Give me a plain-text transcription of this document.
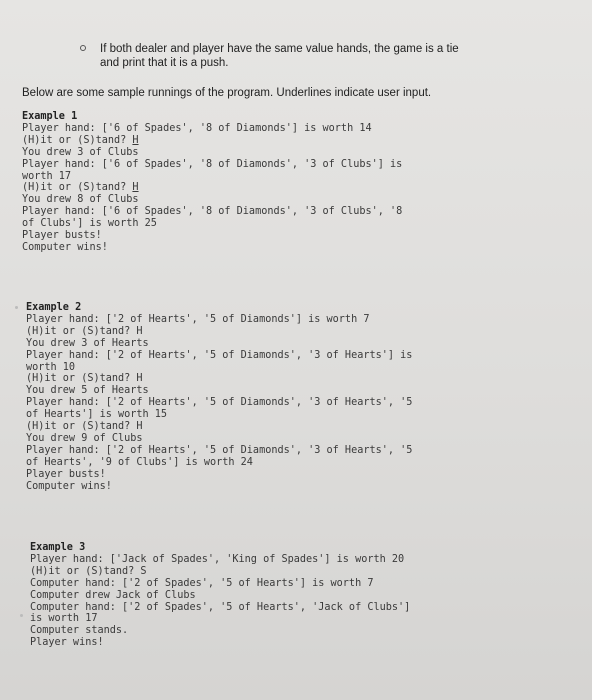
If both dealer and player have the same value hands, the game is a tie
and print that it is a push.
Below are some sample runnings of the program. Underlines indicate user input.
Example 1
Player hand: ['6 of Spades', '8 of Diamonds'] is worth 14
(H)it or (S)tand? H
You drew 3 of Clubs
Player hand: ['6 of Spades', '8 of Diamonds', '3 of Clubs'] is
worth 17
(H)it or (S)tand? H
You drew 8 of Clubs
Player hand: ['6 of Spades', '8 of Diamonds', '3 of Clubs', '8
of Clubs'] is worth 25
Player busts!
Computer wins!
Example 2
Player hand: ['2 of Hearts', '5 of Diamonds'] is worth 7
(H)it or (S)tand? H
You drew 3 of Hearts
Player hand: ['2 of Hearts', '5 of Diamonds', '3 of Hearts'] is
worth 10
(H)it or (S)tand? H
You drew 5 of Hearts
Player hand: ['2 of Hearts', '5 of Diamonds', '3 of Hearts', '5
of Hearts'] is worth 15
(H)it or (S)tand? H
You drew 9 of Clubs
Player hand: ['2 of Hearts', '5 of Diamonds', '3 of Hearts', '5
of Hearts', '9 of Clubs'] is worth 24
Player busts!
Computer wins!
Example 3
Player hand: ['Jack of Spades', 'King of Spades'] is worth 20
(H)it or (S)tand? S
Computer hand: ['2 of Spades', '5 of Hearts'] is worth 7
Computer drew Jack of Clubs
Computer hand: ['2 of Spades', '5 of Hearts', 'Jack of Clubs']
is worth 17
Computer stands.
Player wins!
